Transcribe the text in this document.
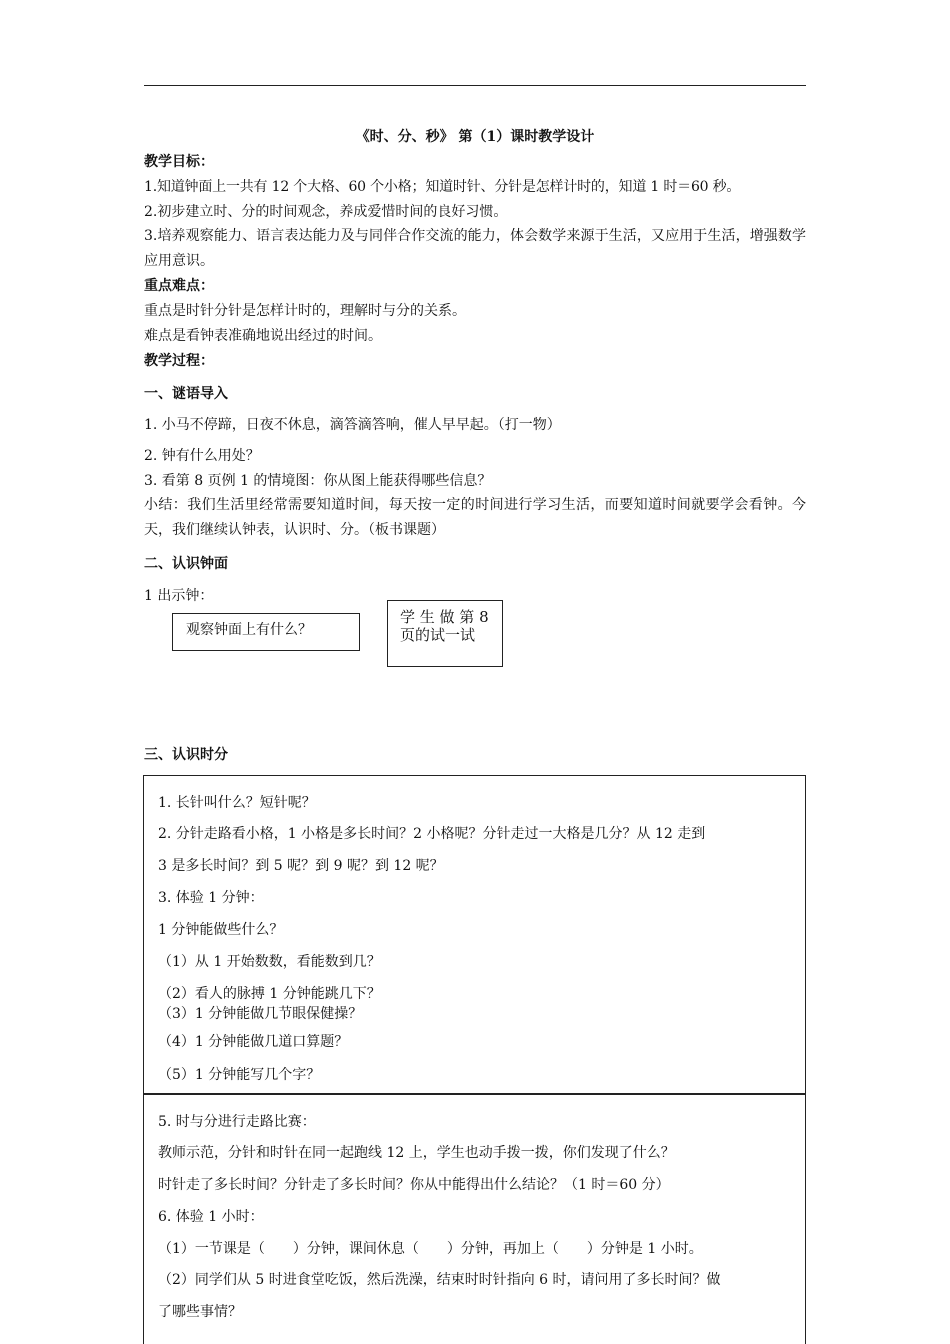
《时、分、秒》 第（1）课时教学设计
教学目标：
1.知道钟面上一共有 12 个大格、60 个小格；知道时针、分针是怎样计时的，知道 1 时＝60 秒。
2.初步建立时、分的时间观念，养成爱惜时间的良好习惯。
3.培养观察能力、语言表达能力及与同伴合作交流的能力，体会数学来源于生活，又应用于生活，增强数学应用意识。
重点难点：
重点是时针分针是怎样计时的，理解时与分的关系。
难点是看钟表准确地说出经过的时间。
教学过程：
一、谜语导入
1. 小马不停蹄，日夜不休息，滴答滴答响，催人早早起。（打一物）
2. 钟有什么用处？
3. 看第 8 页例 1 的情境图：你从图上能获得哪些信息？
小结：我们生活里经常需要知道时间，每天按一定的时间进行学习生活，而要知道时间就要学会看钟。今天，我们继续认钟表，认识时、分。（板书课题）
二、认识钟面
1 出示钟：
观察钟面上有什么？
学 生 做 第 8
页的试一试
三、认识时分
1. 长针叫什么？短针呢？
2. 分针走路看小格，1 小格是多长时间？2 小格呢？分针走过一大格是几分？从 12 走到
3 是多长时间？到 5 呢？到 9 呢？到 12 呢？
3. 体验 1 分钟：
1 分钟能做些什么？
（1）从 1 开始数数，看能数到几？
（2）看人的脉搏 1 分钟能跳几下？
（3）1 分钟能做几节眼保健操？
（4）1 分钟能做几道口算题？
（5）1 分钟能写几个字？
5. 时与分进行走路比赛：
教师示范，分针和时针在同一起跑线 12 上，学生也动手拨一拨，你们发现了什么？
时针走了多长时间？分针走了多长时间？你从中能得出什么结论？（1 时＝60 分）
6. 体验 1 小时：
（1）一节课是（　　）分钟，课间休息（　　）分钟，再加上（　　）分钟是 1 小时。
（2）同学们从 5 时进食堂吃饭，然后洗澡，结束时时针指向 6 时，请问用了多长时间？做
了哪些事情？
